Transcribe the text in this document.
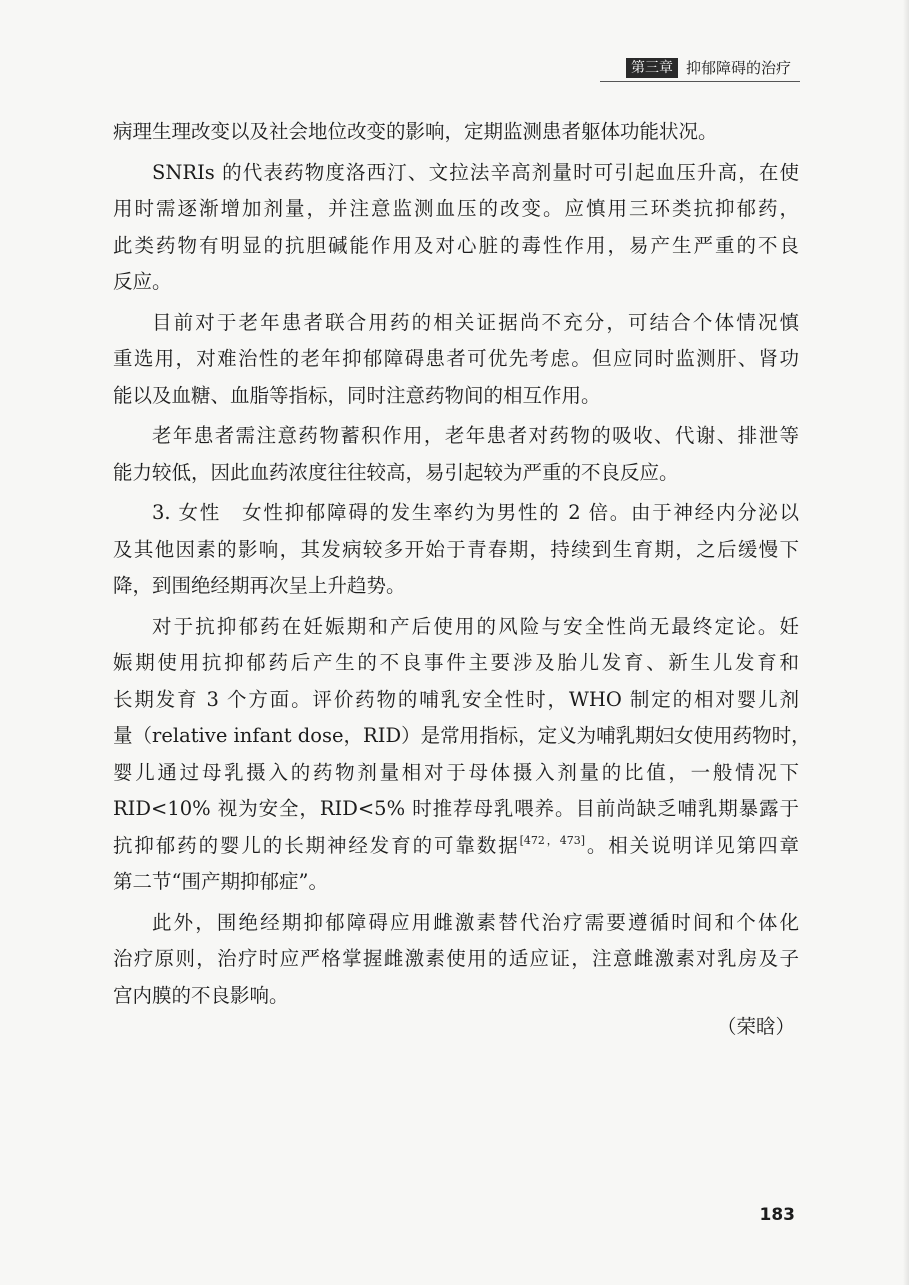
第三章 抑郁障碍的治疗

病理生理改变以及社会地位改变的影响，定期监测患者躯体功能状况。

SNRIs 的代表药物度洛西汀、文拉法辛高剂量时可引起血压升高，在使
用时需逐渐增加剂量，并注意监测血压的改变。应慎用三环类抗抑郁药，
此类药物有明显的抗胆碱能作用及对心脏的毒性作用，易产生严重的不良
反应。

目前对于老年患者联合用药的相关证据尚不充分，可结合个体情况慎
重选用，对难治性的老年抑郁障碍患者可优先考虑。但应同时监测肝、肾功
能以及血糖、血脂等指标，同时注意药物间的相互作用。

老年患者需注意药物蓄积作用，老年患者对药物的吸收、代谢、排泄等
能力较低，因此血药浓度往往较高，易引起较为严重的不良反应。

3. 女性　女性抑郁障碍的发生率约为男性的 2 倍。由于神经内分泌以
及其他因素的影响，其发病较多开始于青春期，持续到生育期，之后缓慢下
降，到围绝经期再次呈上升趋势。

对于抗抑郁药在妊娠期和产后使用的风险与安全性尚无最终定论。妊
娠期使用抗抑郁药后产生的不良事件主要涉及胎儿发育、新生儿发育和
长期发育 3 个方面。评价药物的哺乳安全性时，WHO 制定的相对婴儿剂
量（relative infant dose，RID）是常用指标，定义为哺乳期妇女使用药物时，
婴儿通过母乳摄入的药物剂量相对于母体摄入剂量的比值，一般情况下
RID<10% 视为安全，RID<5% 时推荐母乳喂养。目前尚缺乏哺乳期暴露于
抗抑郁药的婴儿的长期神经发育的可靠数据[472，473]。相关说明详见第四章
第二节“围产期抑郁症”。

此外，围绝经期抑郁障碍应用雌激素替代治疗需要遵循时间和个体化
治疗原则，治疗时应严格掌握雌激素使用的适应证，注意雌激素对乳房及子
宫内膜的不良影响。

（荣晗）
183
